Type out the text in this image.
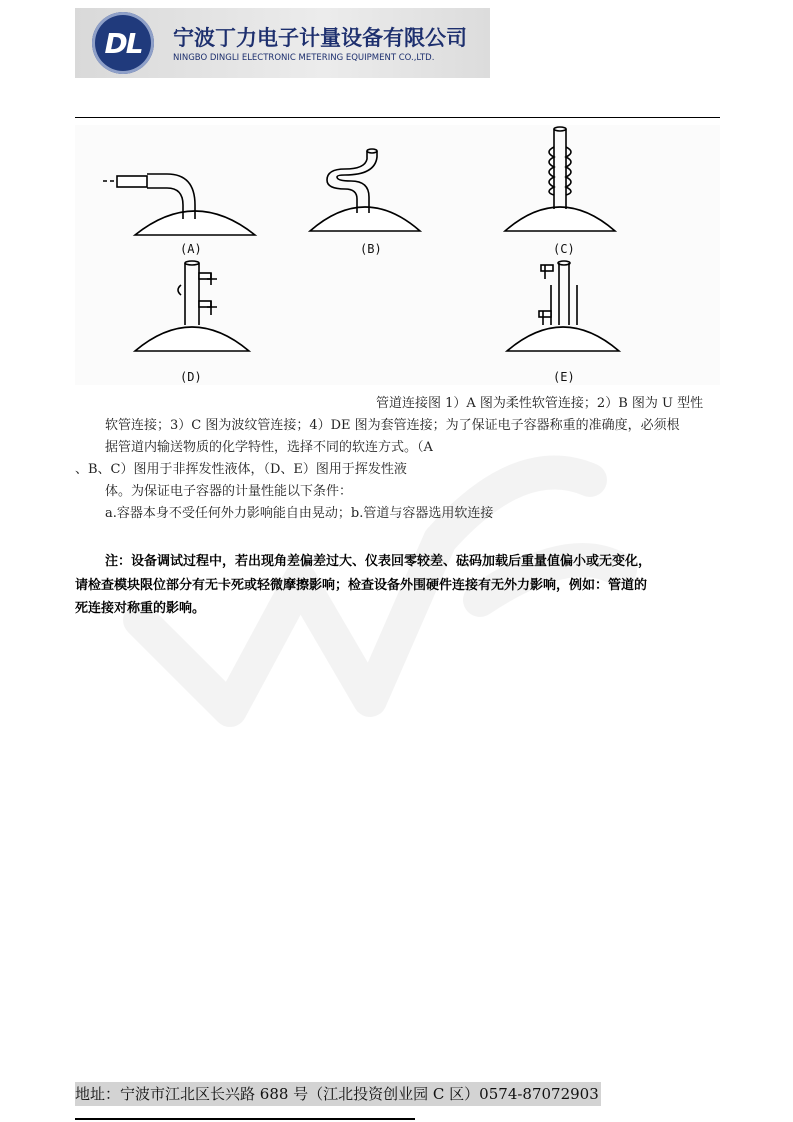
DL	宁波丁力电子计量设备有限公司
NINGBO DINGLI ELECTRONIC METERING EQUIPMENT CO.,LTD.
(A)	(B)	(C)
(D)	(E)
管道连接图 1）A 图为柔性软管连接；2）B 图为 U 型性
软管连接；3）C 图为波纹管连接；4）DE 图为套管连接；为了保证电子容器称重的准确度，必须根
据管道内输送物质的化学特性，选择不同的软连方式。（A
、B、C）图用于非挥发性液体，（D、E）图用于挥发性液
体。为保证电子容器的计量性能以下条件：
a.容器本身不受任何外力影响能自由晃动；b.管道与容器选用软连接
注：设备调试过程中，若出现角差偏差过大、仪表回零较差、砝码加载后重量值偏小或无变化，
请检查模块限位部分有无卡死或轻微摩擦影响；检查设备外围硬件连接有无外力影响，例如：管道的
死连接对称重的影响。
地址：宁波市江北区长兴路 688 号（江北投资创业园 C 区）0574-87072903
